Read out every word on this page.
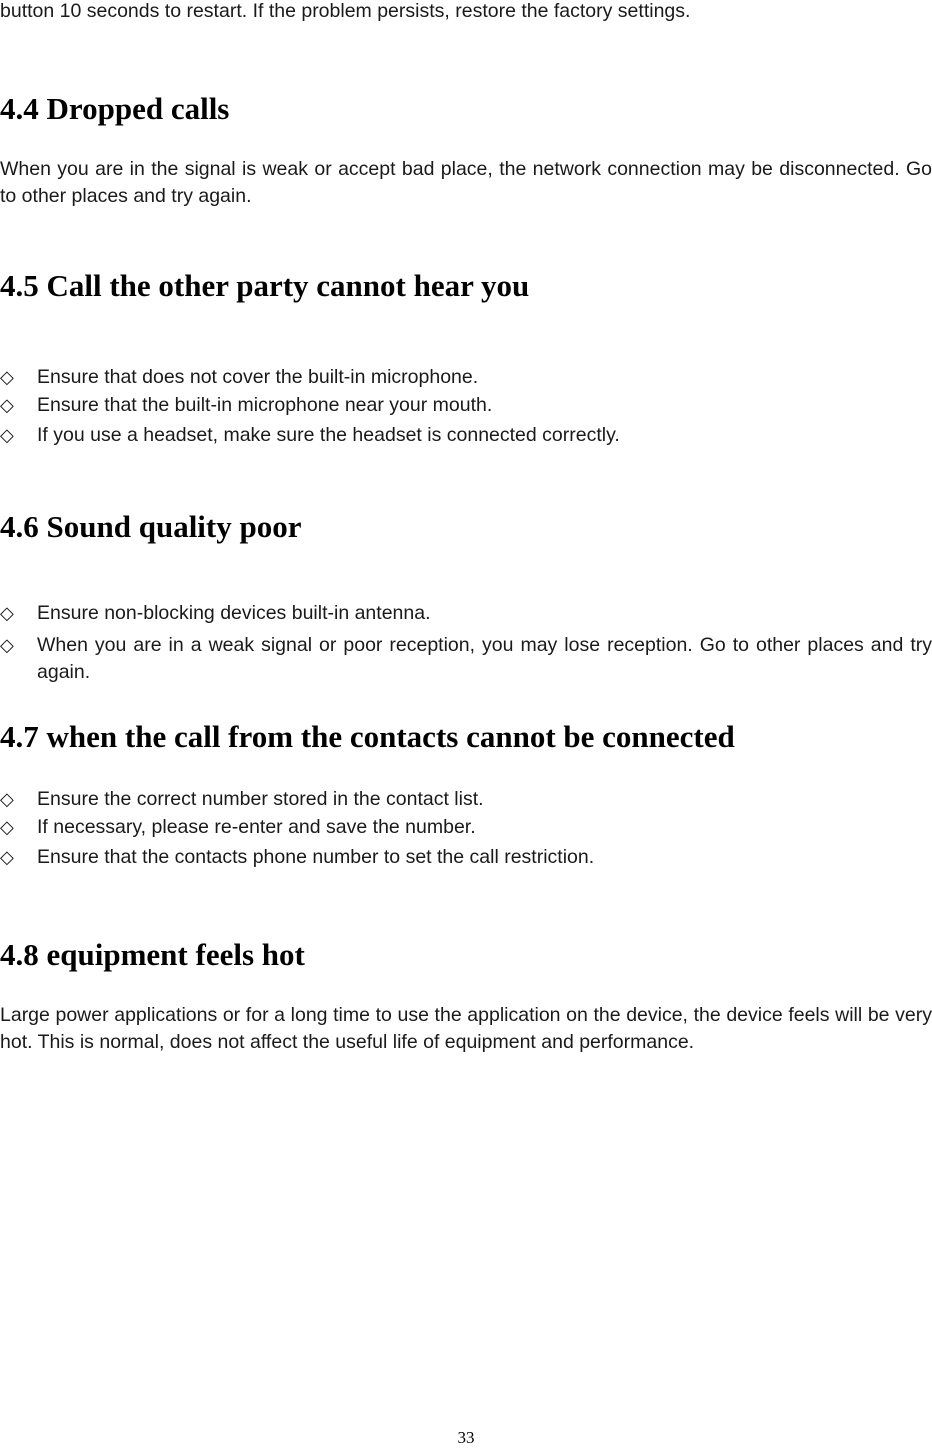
button 10 seconds to restart. If the problem persists, restore the factory settings.

4.4 Dropped calls

When you are in the signal is weak or accept bad place, the network connection may be disconnected. Go to other places and try again.

4.5 Call the other party cannot hear you
◇	Ensure that does not cover the built-in microphone.
◇	Ensure that the built-in microphone near your mouth.
◇	If you use a headset, make sure the headset is connected correctly.
4.6 Sound quality poor
◇	Ensure non-blocking devices built-in antenna.
◇	When you are in a weak signal or poor reception, you may lose reception. Go to other places and try again.
4.7 when the call from the contacts cannot be connected
◇	Ensure the correct number stored in the contact list.
◇	If necessary, please re-enter and save the number.
◇	Ensure that the contacts phone number to set the call restriction.
4.8 equipment feels hot

Large power applications or for a long time to use the application on the device, the device feels will be very hot. This is normal, does not affect the useful life of equipment and performance.

33
